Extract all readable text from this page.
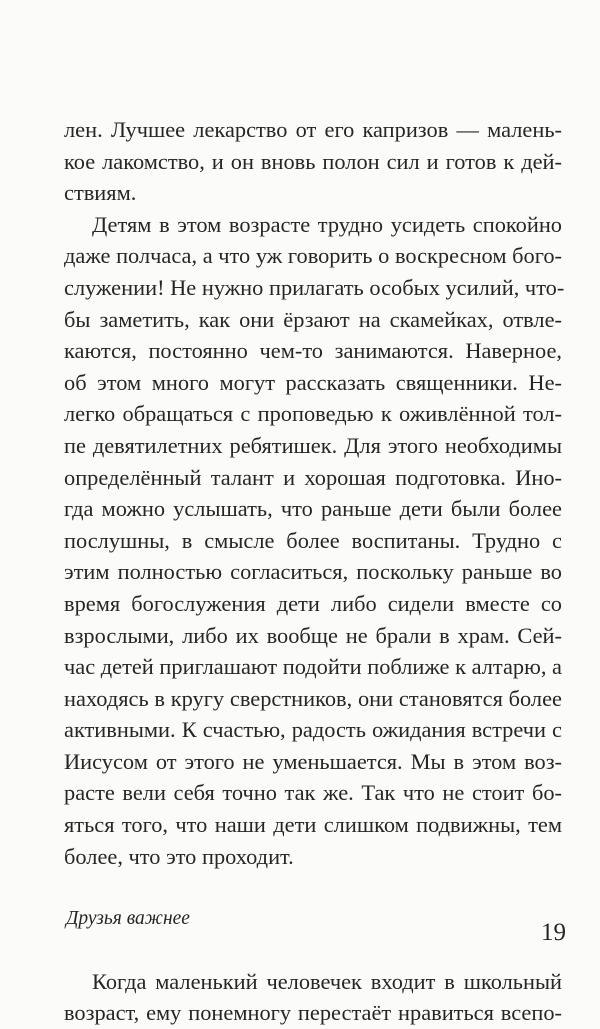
лен. Лучшее лекарство от его капризов — малень-
кое лакомство, и он вновь полон сил и готов к дей-
ствиям.
Детям в этом возрасте трудно усидеть спокойно
даже полчаса, а что уж говорить о воскресном бого-
служении! Не нужно прилагать особых усилий, что-
бы заметить, как они ёрзают на скамейках, отвле-
каются, постоянно чем-то занимаются. Наверное,
об этом много могут рассказать священники. Не-
легко обращаться с проповедью к оживлённой тол-
пе девятилетних ребятишек. Для этого необходимы
определённый талант и хорошая подготовка. Ино-
гда можно услышать, что раньше дети были более
послушны, в смысле более воспитаны. Трудно с
этим полностью согласиться, поскольку раньше во
время богослужения дети либо сидели вместе со
взрослыми, либо их вообще не брали в храм. Сей-
час детей приглашают подойти поближе к алтарю, а
находясь в кругу сверстников, они становятся более
активными. К счастью, радость ожидания встречи с
Иисусом от этого не уменьшается. Мы в этом воз-
расте вели себя точно так же. Так что не стоит бо-
яться того, что наши дети слишком подвижны, тем
более, что это проходит.
Друзья важнее
Когда маленький человечек входит в школьный
возраст, ему понемногу перестаёт нравиться всепо-
19
